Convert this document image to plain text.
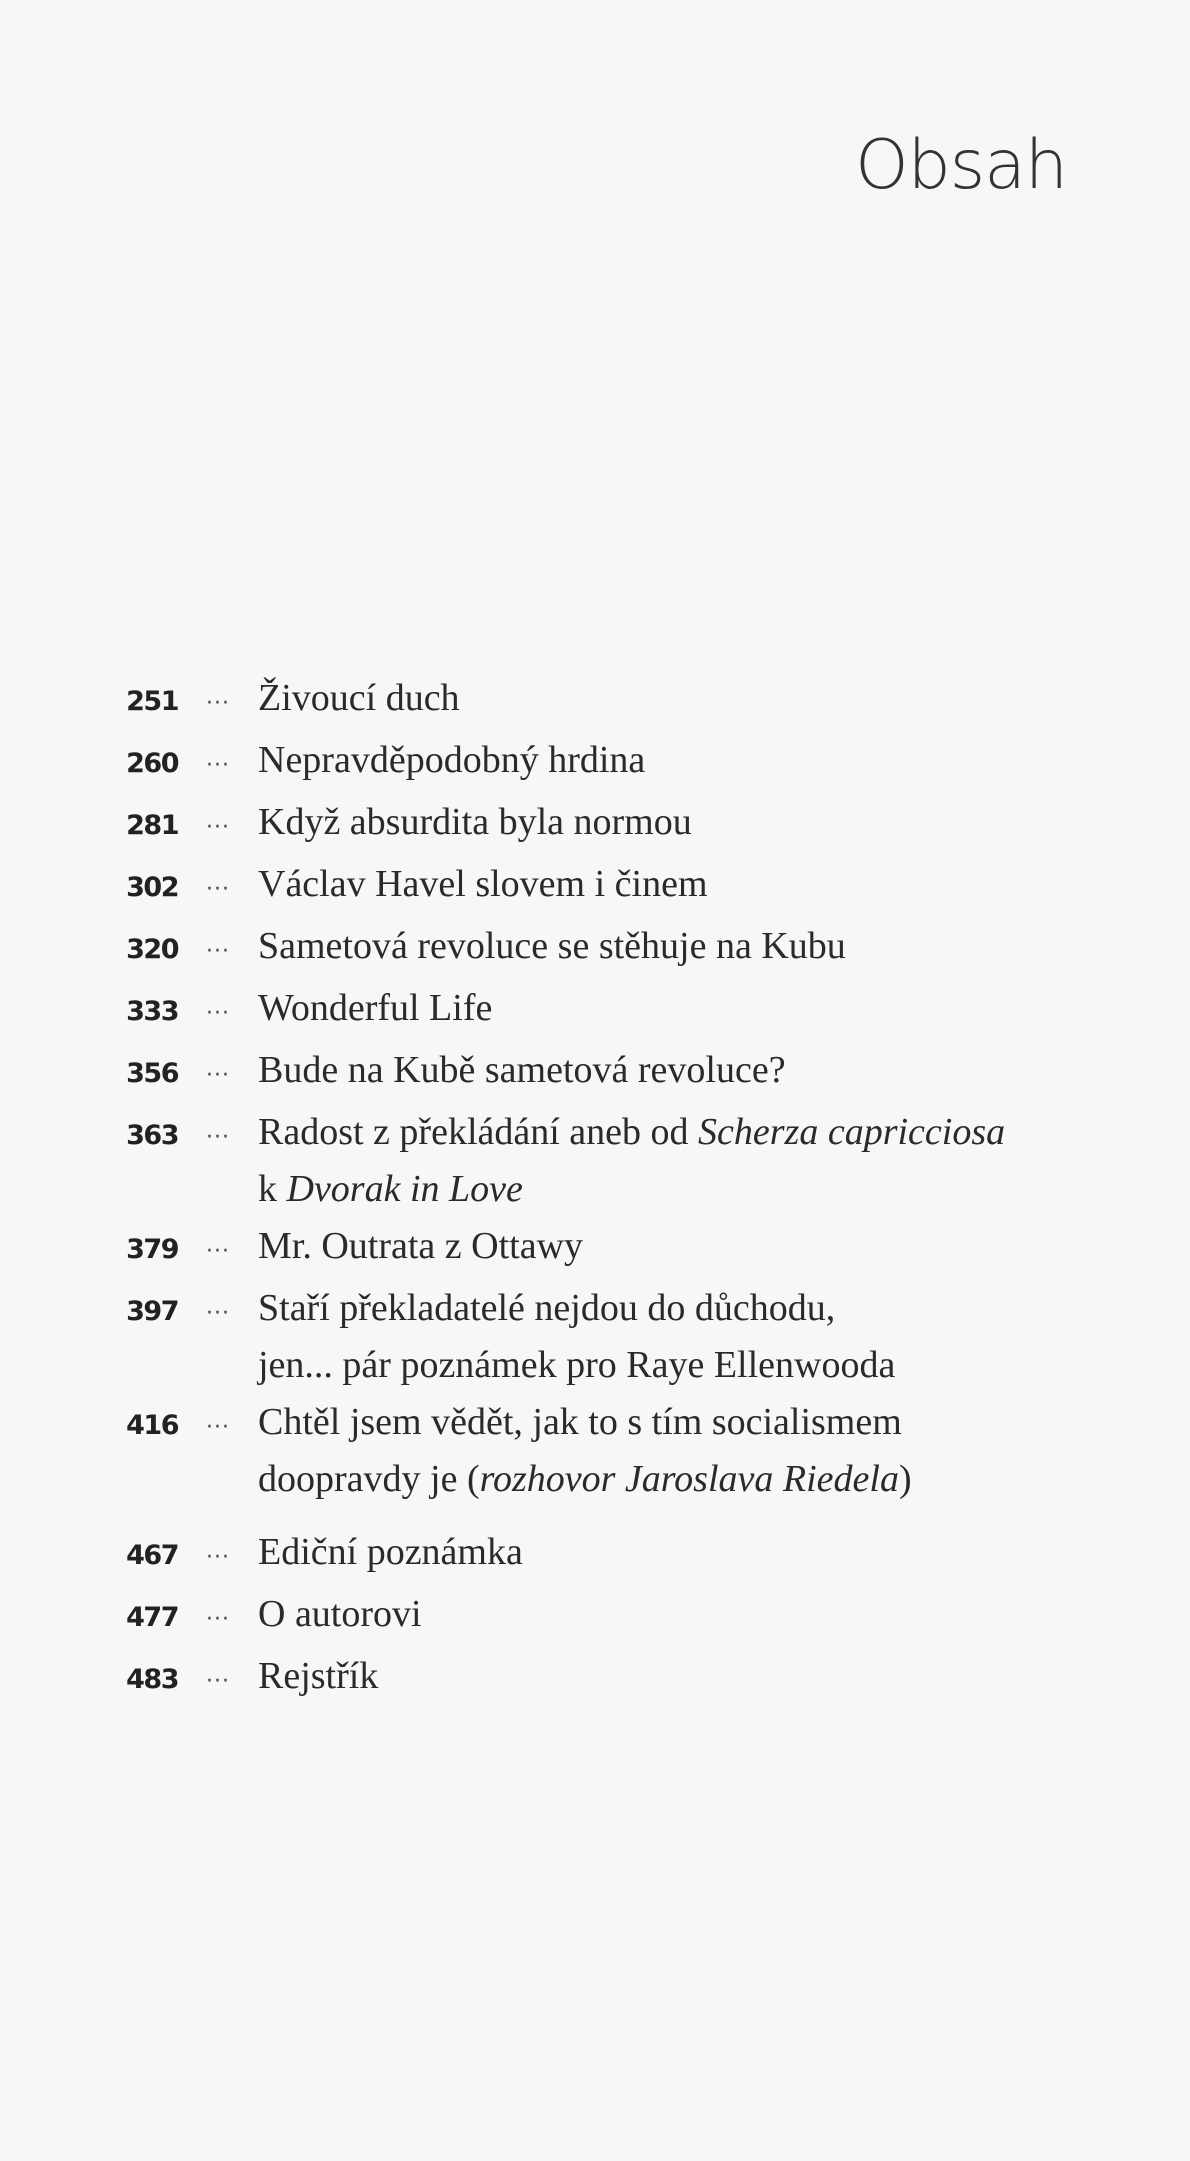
Obsah
251	··· Živoucí duch
260	··· Nepravděpodobný hrdina
281	··· Když absurdita byla normou
302	··· Václav Havel slovem i činem
320	··· Sametová revoluce se stěhuje na Kubu
333	··· Wonderful Life
356	··· Bude na Kubě sametová revoluce?
363	··· Radost z překládání aneb od Scherza capricciosa
k Dvorak in Love
379	··· Mr. Outrata z Ottawy
397	··· Staří překladatelé nejdou do důchodu,
jen... pár poznámek pro Raye Ellenwooda
416	··· Chtěl jsem vědět, jak to s tím socialismem
doopravdy je (rozhovor Jaroslava Riedela)
467	··· Ediční poznámka
477	··· O autorovi
483	··· Rejstřík
